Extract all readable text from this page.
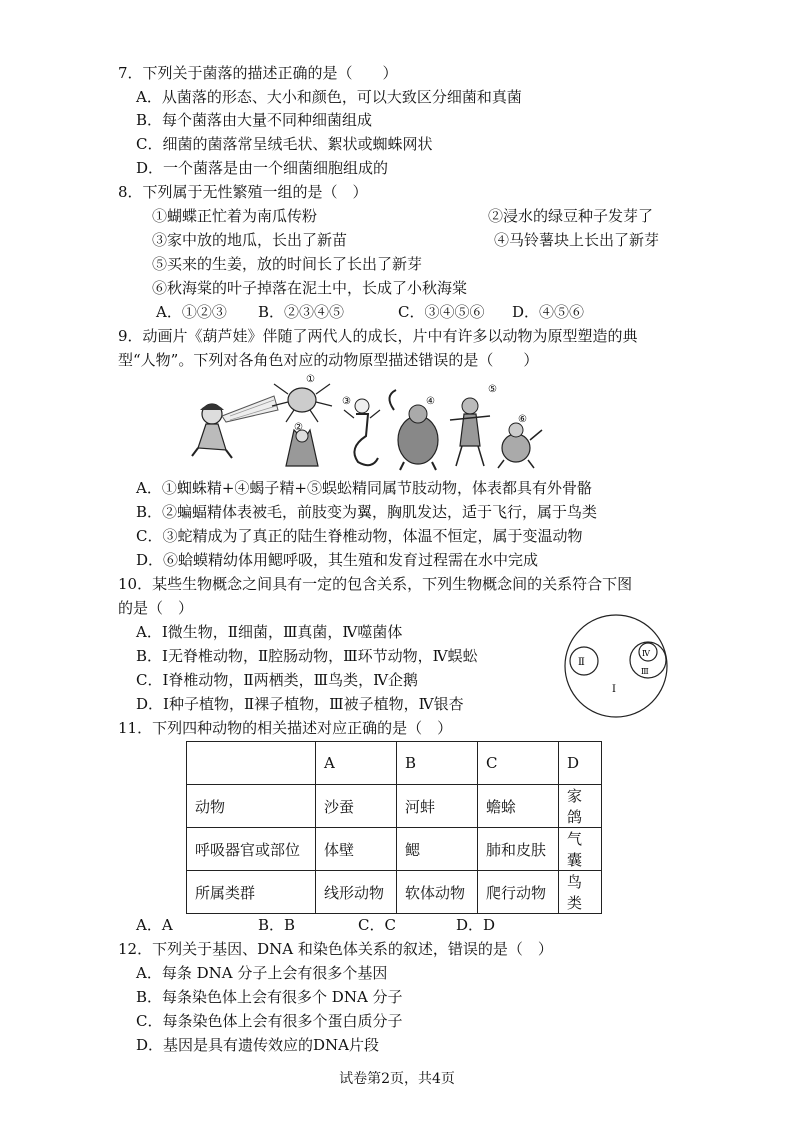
7．下列关于菌落的描述正确的是（　　）
A．从菌落的形态、大小和颜色，可以大致区分细菌和真菌
B．每个菌落由大量不同种细菌组成
C．细菌的菌落常呈绒毛状、絮状或蜘蛛网状
D．一个菌落是由一个细菌细胞组成的
8．下列属于无性繁殖一组的是（　）
①蝴蝶正忙着为南瓜传粉	②浸水的绿豆种子发芽了
③家中放的地瓜，长出了新苗	④马铃薯块上长出了新芽
⑤买来的生姜，放的时间长了长出了新芽
⑥秋海棠的叶子掉落在泥土中，长成了小秋海棠
A．①②③ B．②③④⑤	C．③④⑤⑥ D．④⑤⑥
9．动画片《葫芦娃》伴随了两代人的成长，片中有许多以动物为原型塑造的典
型“人物”。下列对各角色对应的动物原型描述错误的是（　　）
①
②
③	④
⑤
⑥
A．①蜘蛛精+④蝎子精+⑤蜈蚣精同属节肢动物，体表都具有外骨骼
B．②蝙蝠精体表被毛，前肢变为翼，胸肌发达，适于飞行，属于鸟类
C．③蛇精成为了真正的陆生脊椎动物，体温不恒定，属于变温动物
D．⑥蛤蟆精幼体用鳃呼吸，其生殖和发育过程需在水中完成
10．某些生物概念之间具有一定的包含关系，下列生物概念间的关系符合下图
的是（　）
A．Ⅰ微生物，Ⅱ细菌，Ⅲ真菌，Ⅳ噬菌体
B．Ⅰ无脊椎动物，Ⅱ腔肠动物，Ⅲ环节动物，Ⅳ蜈蚣
C．Ⅰ脊椎动物，Ⅱ两栖类，Ⅲ鸟类，Ⅳ企鹅
D．Ⅰ种子植物，Ⅱ裸子植物，Ⅲ被子植物，Ⅳ银杏
Ⅱ
Ⅳ
Ⅲ
Ⅰ
11．下列四种动物的相关描述对应正确的是（　）
	A	B	C	D
动物	沙蚕	河蚌	蟾蜍	家鸽
呼吸器官或部位	体壁	鳃	肺和皮肤	气囊
所属类群	线形动物	软体动物	爬行动物	鸟类
A．A	B．B	C．C	D．D
12．下列关于基因、DNA 和染色体关系的叙述，错误的是（　）
A．每条 DNA 分子上会有很多个基因
B．每条染色体上会有很多个 DNA 分子
C．每条染色体上会有很多个蛋白质分子
D．基因是具有遗传效应的DNA片段
试卷第2页，共4页
